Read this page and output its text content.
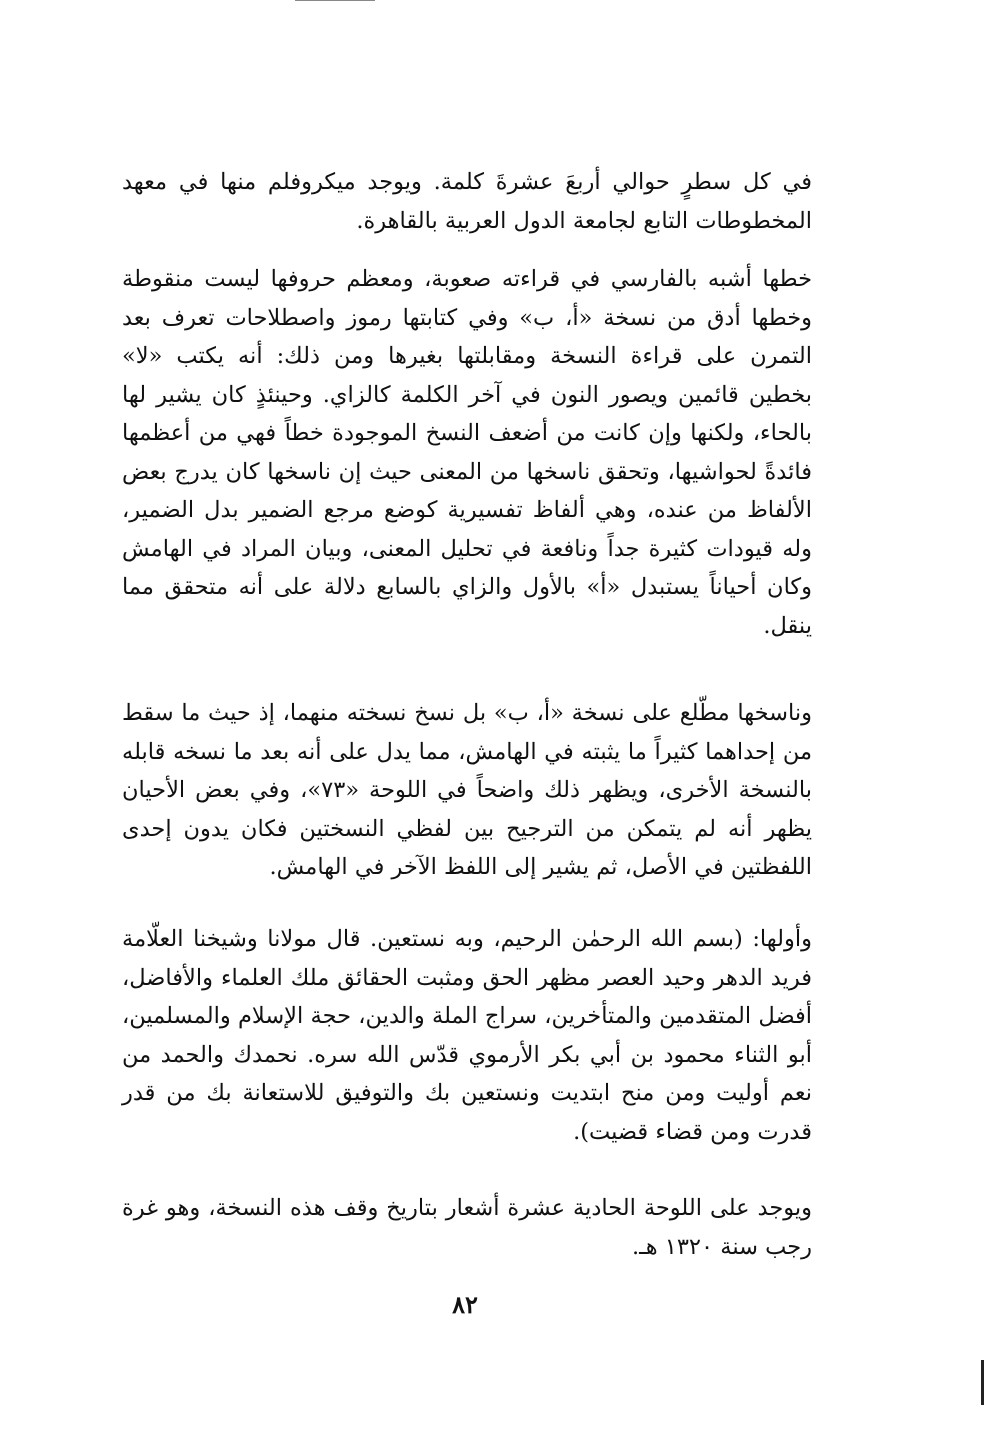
في كل سطرٍ حوالي أربعَ عشرةَ كلمة. ويوجد ميكروفلم منها في معهد المخطوطات التابع لجامعة الدول العربية بالقاهرة.

خطها أشبه بالفارسي في قراءته صعوبة، ومعظم حروفها ليست منقوطة وخطها أدق من نسخة «أ، ب» وفي كتابتها رموز واصطلاحات تعرف بعد التمرن على قراءة النسخة ومقابلتها بغيرها ومن ذلك: أنه يكتب «لا» بخطين قائمين ويصور النون في آخر الكلمة كالزاي. وحينئذٍ كان يشير لها بالحاء، ولكنها وإن كانت من أضعف النسخ الموجودة خطاً فهي من أعظمها فائدةً لحواشيها، وتحقق ناسخها من المعنى حيث إن ناسخها كان يدرج بعض الألفاظ من عنده، وهي ألفاظ تفسيرية كوضع مرجع الضمير بدل الضمير، وله قيودات كثيرة جداً ونافعة في تحليل المعنى، وبيان المراد في الهامش وكان أحياناً يستبدل «أ» بالأول والزاي بالسابع دلالة على أنه متحقق مما ينقل.

وناسخها مطّلع على نسخة «أ، ب» بل نسخ نسخته منهما، إذ حيث ما سقط من إحداهما كثيراً ما يثبته في الهامش، مما يدل على أنه بعد ما نسخه قابله بالنسخة الأخرى، ويظهر ذلك واضحاً في اللوحة «٧٣»، وفي بعض الأحيان يظهر أنه لم يتمكن من الترجيح بين لفظي النسختين فكان يدون إحدى اللفظتين في الأصل، ثم يشير إلى اللفظ الآخر في الهامش.

وأولها: (بسم الله الرحمٰن الرحيم، وبه نستعين. قال مولانا وشيخنا العلّامة فريد الدهر وحيد العصر مظهر الحق ومثبت الحقائق ملك العلماء والأفاضل، أفضل المتقدمين والمتأخرين، سراج الملة والدين، حجة الإسلام والمسلمين، أبو الثناء محمود بن أبي بكر الأرموي قدّس الله سره. نحمدك والحمد من نعم أوليت ومن منح ابتديت ونستعين بك والتوفيق للاستعانة بك من قدر قدرت ومن قضاء قضيت).

ويوجد على اللوحة الحادية عشرة أشعار بتاريخ وقف هذه النسخة، وهو غرة رجب سنة ١٣٢٠ هـ.

٨٢
